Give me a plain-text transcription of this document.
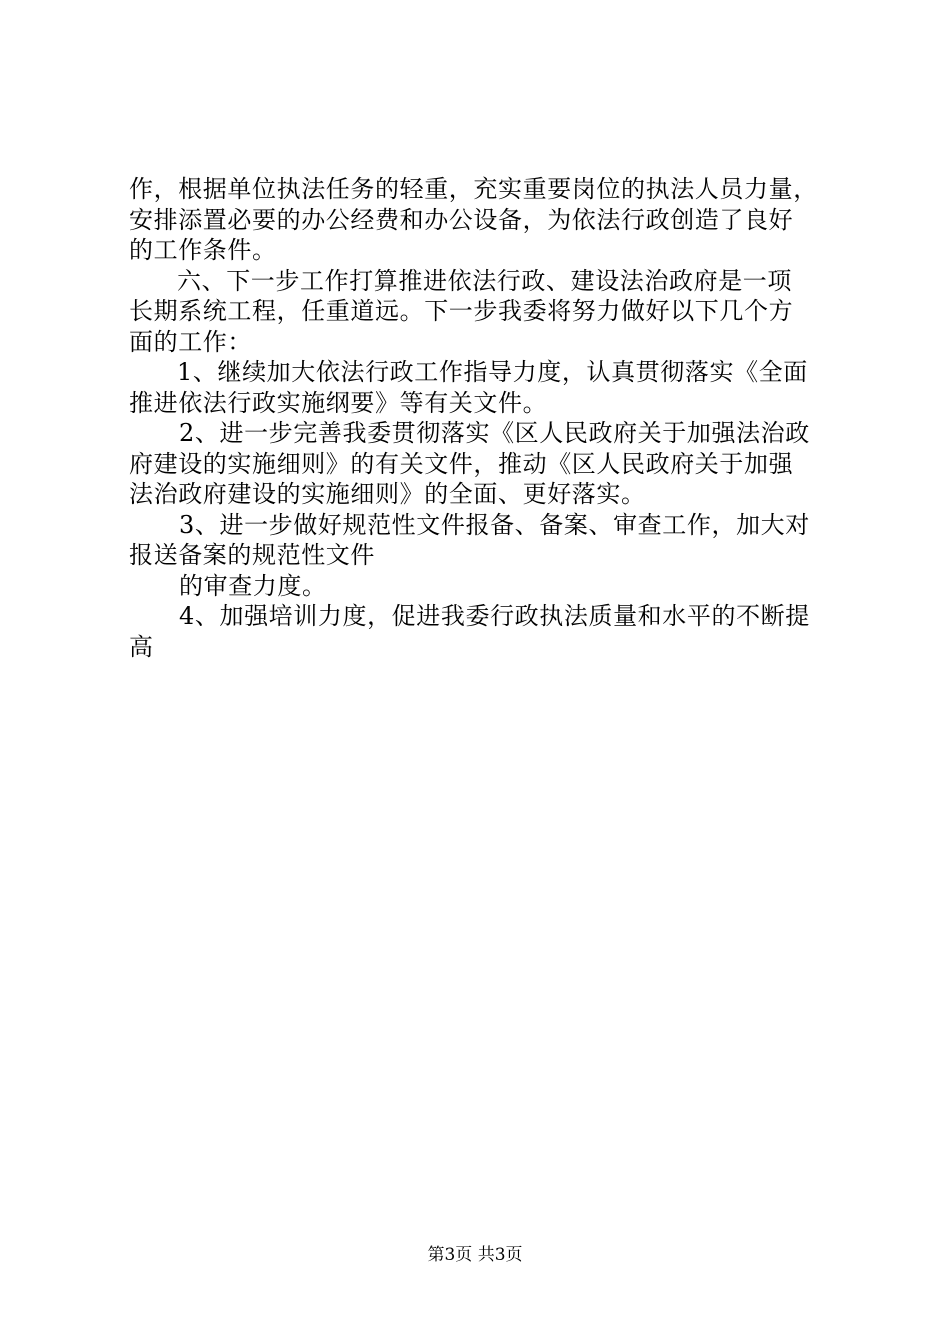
作，根据单位执法任务的轻重，充实重要岗位的执法人员力量，
安排添置必要的办公经费和办公设备，为依法行政创造了良好
的工作条件。
六、下一步工作打算推进依法行政、建设法治政府是一项
长期系统工程，任重道远。下一步我委将努力做好以下几个方
面的工作：
1、继续加大依法行政工作指导力度，认真贯彻落实《全面
推进依法行政实施纲要》等有关文件。
2、进一步完善我委贯彻落实《区人民政府关于加强法治政
府建设的实施细则》的有关文件，推动《区人民政府关于加强
法治政府建设的实施细则》的全面、更好落实。
3、进一步做好规范性文件报备、备案、审查工作，加大对
报送备案的规范性文件
的审查力度。
4、加强培训力度，促进我委行政执法质量和水平的不断提
高
第3页 共3页
